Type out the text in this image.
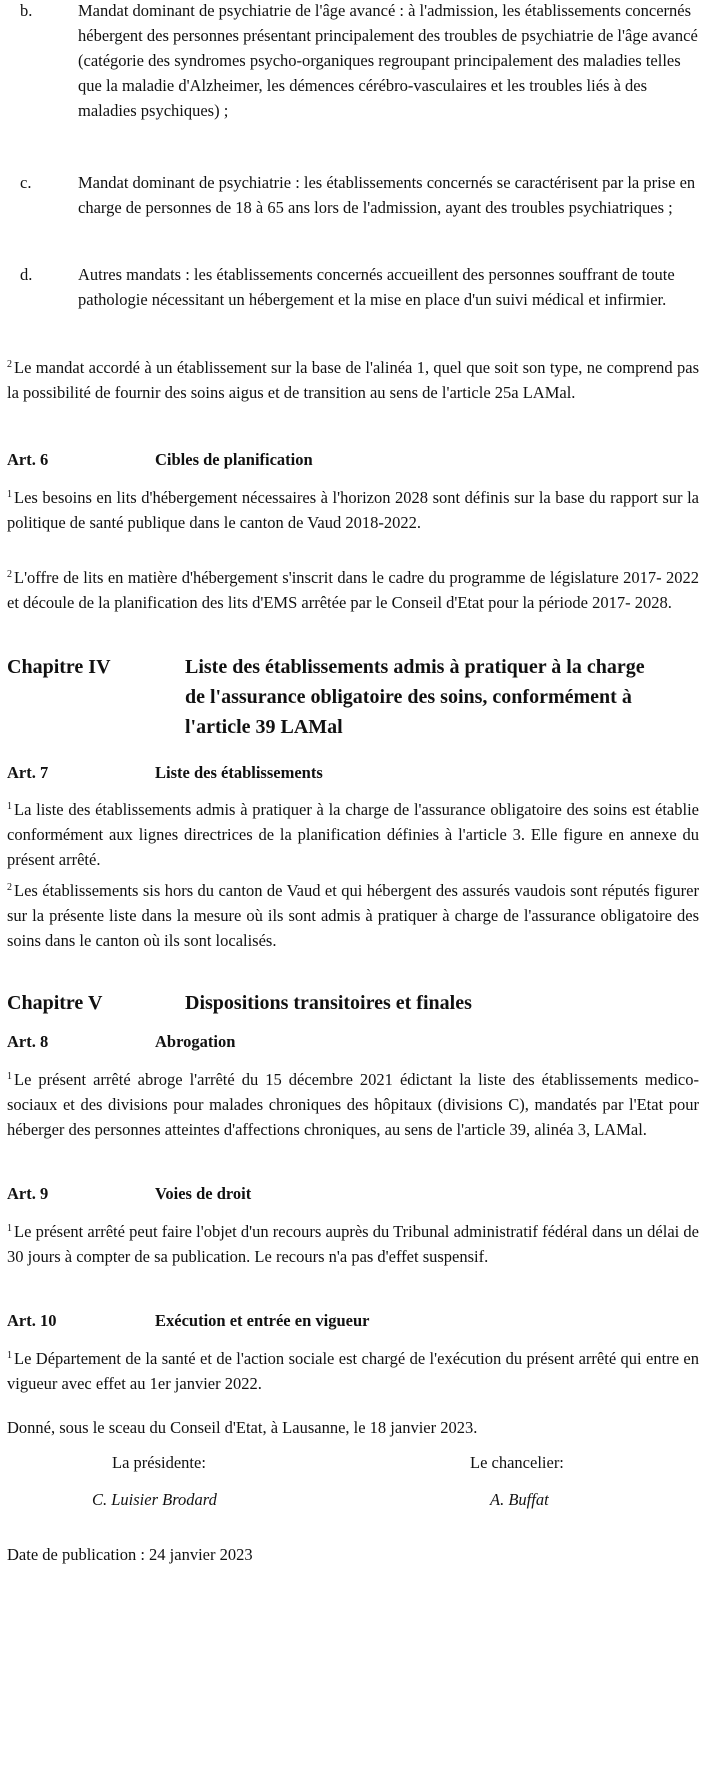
b.	Mandat dominant de psychiatrie de l'âge avancé : à l'admission, les établissements concernés hébergent des personnes présentant principalement des troubles de psychiatrie de l'âge avancé (catégorie des syndromes psycho-organiques regroupant principalement des maladies telles que la maladie d'Alzheimer, les démences cérébro-vasculaires et les troubles liés à des maladies psychiques) ;
c.	Mandat dominant de psychiatrie : les établissements concernés se caractérisent par la prise en charge de personnes de 18 à 65 ans lors de l'admission, ayant des troubles psychiatriques ;
d.	Autres mandats : les établissements concernés accueillent des personnes souffrant de toute pathologie nécessitant un hébergement et la mise en place d'un suivi médical et infirmier.
$^2$ Le mandat accordé à un établissement sur la base de l'alinéa 1, quel que soit son type, ne comprend pas la possibilité de fournir des soins aigus et de transition au sens de l'article 25a LAMal.
Art. 6	Cibles de planification
$^1$ Les besoins en lits d'hébergement nécessaires à l'horizon 2028 sont définis sur la base du rapport sur la politique de santé publique dans le canton de Vaud 2018-2022.
$^2$ L'offre de lits en matière d'hébergement s'inscrit dans le cadre du programme de législature 2017- 2022 et découle de la planification des lits d'EMS arrêtée par le Conseil d'Etat pour la période 2017- 2028.
Chapitre IV	Liste des établissements admis à pratiquer à la charge de l'assurance obligatoire des soins, conformément à l'article 39 LAMal
Art. 7	Liste des établissements
$^1$ La liste des établissements admis à pratiquer à la charge de l'assurance obligatoire des soins est établie conformément aux lignes directrices de la planification définies à l'article 3. Elle figure en annexe du présent arrêté.
$^2$ Les établissements sis hors du canton de Vaud et qui hébergent des assurés vaudois sont réputés figurer sur la présente liste dans la mesure où ils sont admis à pratiquer à charge de l'assurance obligatoire des soins dans le canton où ils sont localisés.
Chapitre V	Dispositions transitoires et finales
Art. 8	Abrogation
$^1$ Le présent arrêté abroge l'arrêté du 15 décembre 2021 édictant la liste des établissements medico-sociaux et des divisions pour malades chroniques des hôpitaux (divisions C), mandatés par l'Etat pour héberger des personnes atteintes d'affections chroniques, au sens de l'article 39, alinéa 3, LAMal.
Art. 9	Voies de droit
$^1$ Le présent arrêté peut faire l'objet d'un recours auprès du Tribunal administratif fédéral dans un délai de 30 jours à compter de sa publication. Le recours n'a pas d'effet suspensif.
Art. 10	Exécution et entrée en vigueur
$^1$ Le Département de la santé et de l'action sociale est chargé de l'exécution du présent arrêté qui entre en vigueur avec effet au 1er janvier 2022.
Donné, sous le sceau du Conseil d'Etat, à Lausanne, le 18 janvier 2023.
La présidente:	Le chancelier:
C. Luisier Brodard	A. Buffat
Date de publication : 24 janvier 2023
